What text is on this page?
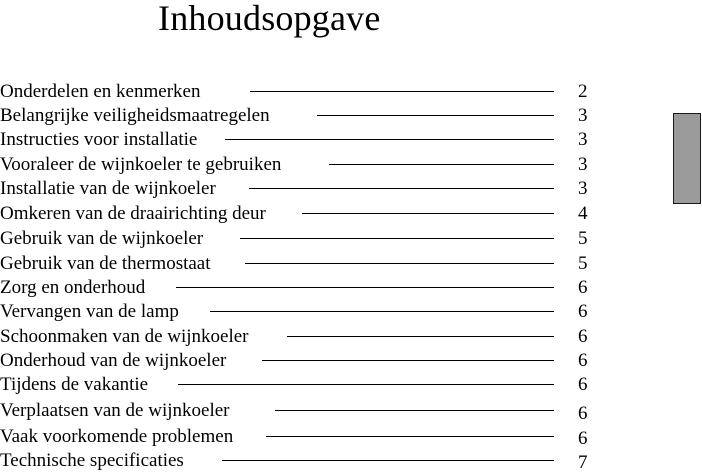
Inhoudsopgave
Onderdelen en kenmerken	2
Belangrijke veiligheidsmaatregelen	3
Instructies voor installatie	3
Vooraleer de wijnkoeler te gebruiken	3
Installatie van de wijnkoeler	3
Omkeren van de draairichting deur	4
Gebruik van de wijnkoeler	5
Gebruik van de thermostaat	5
Zorg en onderhoud	6
Vervangen van de lamp	6
Schoonmaken van de wijnkoeler	6
Onderhoud van de wijnkoeler	6
Tijdens de vakantie	6
Verplaatsen van de wijnkoeler	6
Vaak voorkomende problemen	6
Technische specificaties	7
